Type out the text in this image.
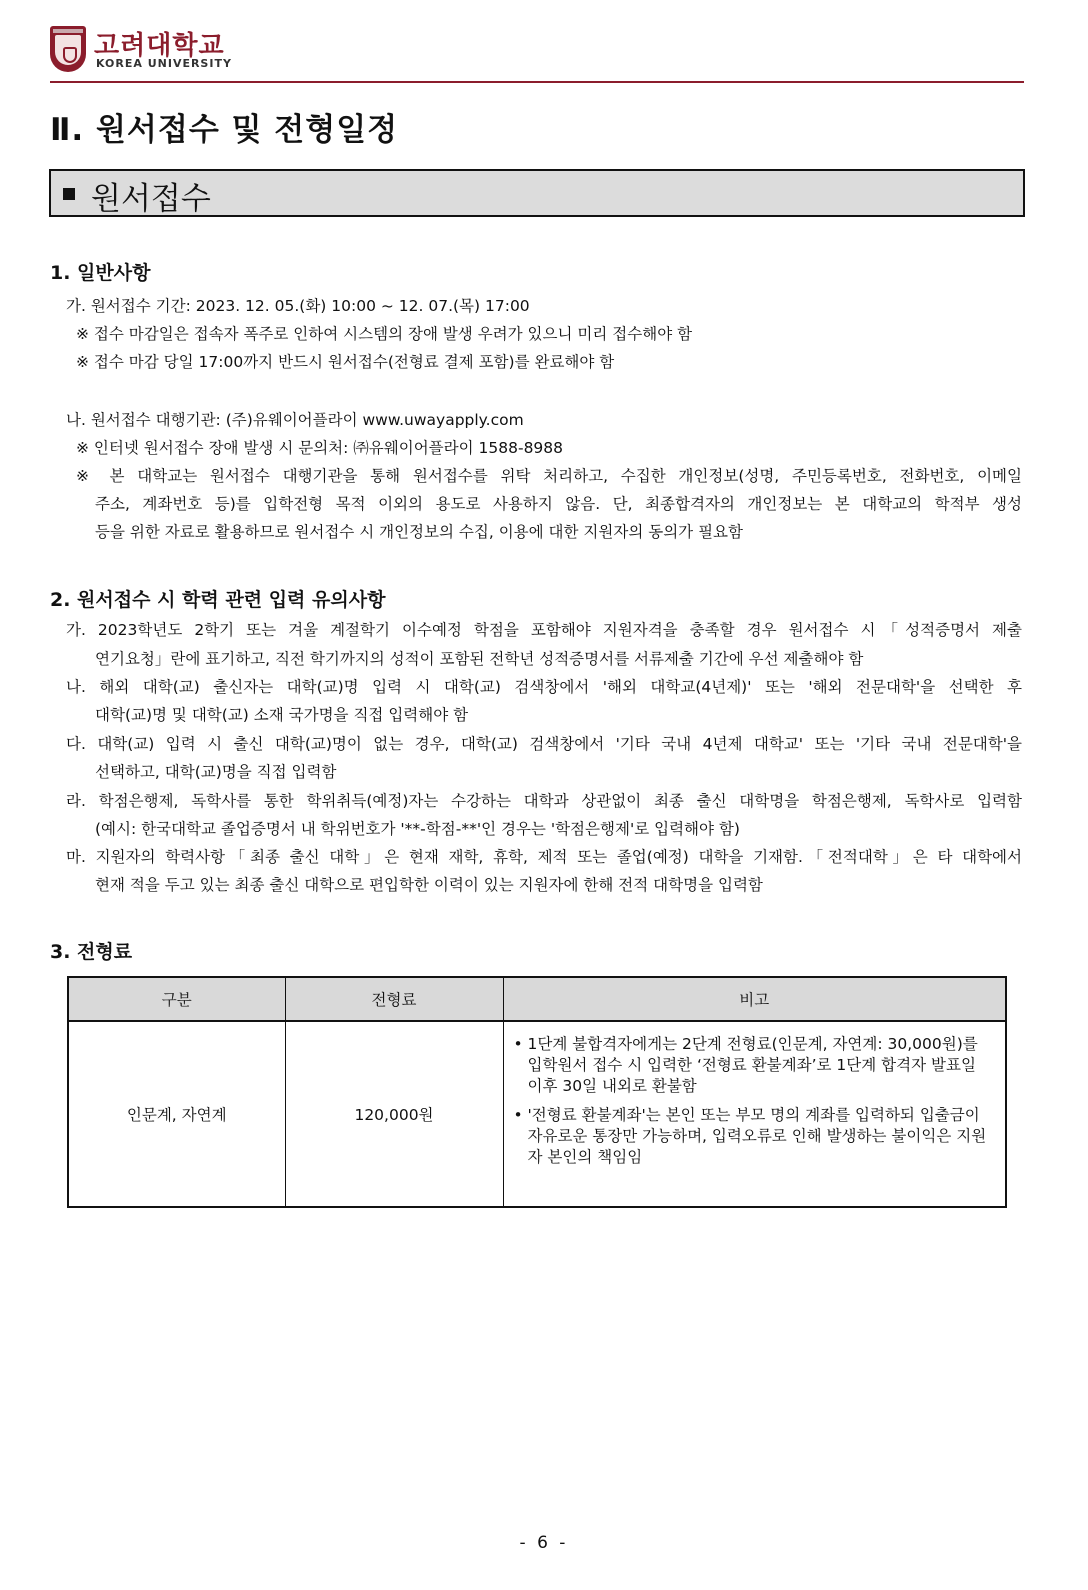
고려대학교
KOREA UNIVERSITY
Ⅱ. 원서접수 및 전형일정
원서접수
1. 일반사항
가. 원서접수 기간: 2023. 12. 05.(화) 10:00 ~ 12. 07.(목) 17:00
※ 접수 마감일은 접속자 폭주로 인하여 시스템의 장애 발생 우려가 있으니 미리 접수해야 함
※ 접수 마감 당일 17:00까지 반드시 원서접수(전형료 결제 포함)를 완료해야 함
나. 원서접수 대행기관: (주)유웨이어플라이 www.uwayapply.com
※ 인터넷 원서접수 장애 발생 시 문의처: ㈜유웨이어플라이 1588-8988
※ 본 대학교는 원서접수 대행기관을 통해 원서접수를 위탁 처리하고, 수집한 개인정보(성명, 주민등록번호, 전화번호, 이메일
주소, 계좌번호 등)를 입학전형 목적 이외의 용도로 사용하지 않음. 단, 최종합격자의 개인정보는 본 대학교의 학적부 생성
등을 위한 자료로 활용하므로 원서접수 시 개인정보의 수집, 이용에 대한 지원자의 동의가 필요함
2. 원서접수 시 학력 관련 입력 유의사항
가. 2023학년도 2학기 또는 겨울 계절학기 이수예정 학점을 포함해야 지원자격을 충족할 경우 원서접수 시「성적증명서 제출
연기요청」란에 표기하고, 직전 학기까지의 성적이 포함된 전학년 성적증명서를 서류제출 기간에 우선 제출해야 함
나. 해외 대학(교) 출신자는 대학(교)명 입력 시 대학(교) 검색창에서 '해외 대학교(4년제)' 또는 '해외 전문대학'을 선택한 후
대학(교)명 및 대학(교) 소재 국가명을 직접 입력해야 함
다. 대학(교) 입력 시 출신 대학(교)명이 없는 경우, 대학(교) 검색창에서 '기타 국내 4년제 대학교' 또는 '기타 국내 전문대학'을
선택하고, 대학(교)명을 직접 입력함
라. 학점은행제, 독학사를 통한 학위취득(예정)자는 수강하는 대학과 상관없이 최종 출신 대학명을 학점은행제, 독학사로 입력함
(예시: 한국대학교 졸업증명서 내 학위번호가 '**-학점-**'인 경우는 '학점은행제'로 입력해야 함)
마. 지원자의 학력사항「최종 출신 대학」은 현재 재학, 휴학, 제적 또는 졸업(예정) 대학을 기재함.「전적대학」은 타 대학에서
현재 적을 두고 있는 최종 출신 대학으로 편입학한 이력이 있는 지원자에 한해 전적 대학명을 입력함
3. 전형료
구분	전형료	비고
인문계, 자연계	120,000원	• 1단계 불합격자에게는 2단계 전형료(인문계, 자연계: 30,000원)를 입학원서 접수 시 입력한 ‘전형료 환불계좌’로 1단계 합격자 발표일 이후 30일 내외로 환불함
• '전형료 환불계좌'는 본인 또는 부모 명의 계좌를 입력하되 입출금이 자유로운 통장만 가능하며, 입력오류로 인해 발생하는 불이익은 지원자 본인의 책임임
- 6 -
